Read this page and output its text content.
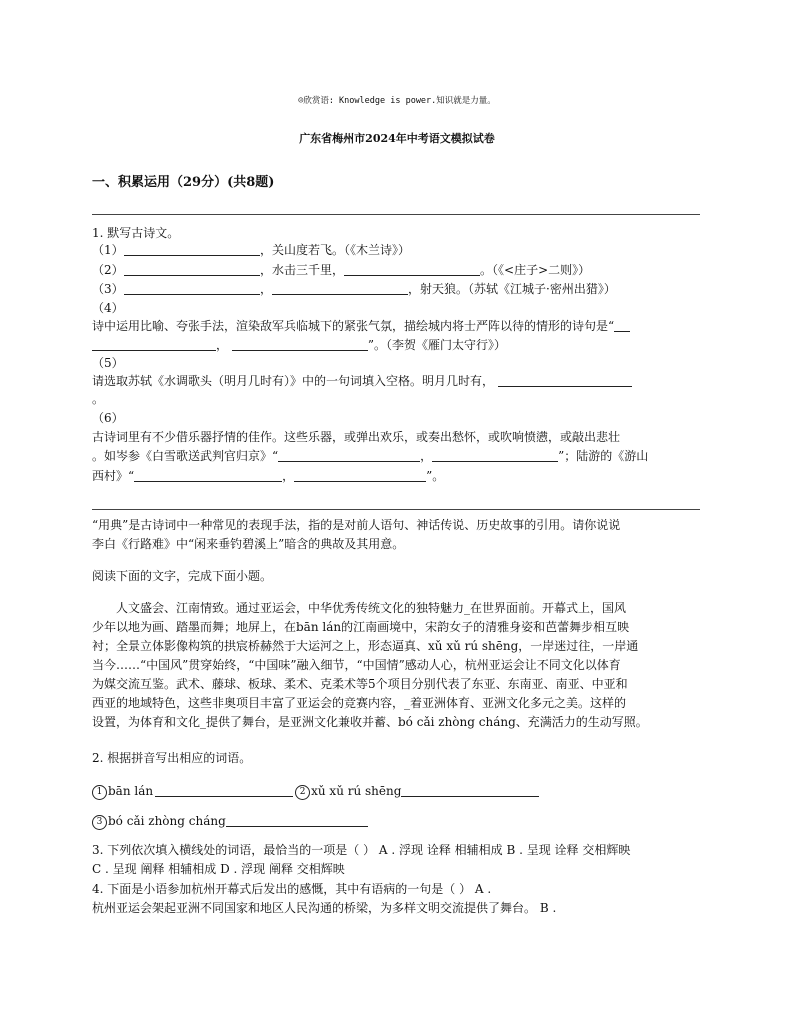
☺欣赏语: Knowledge is power.知识就是力量。
广东省梅州市2024年中考语文模拟试卷
一、积累运用（29分）(共8题)
1. 默写古诗文。
（1）	，关山度若飞。（《木兰诗》）
（2）	，水击三千里，	。（《<庄子>二则》）
（3）	，	，射天狼。（苏轼《江城子·密州出猎》）
（4）
诗中运用比喻、夸张手法，渲染敌军兵临城下的紧张气氛，描绘城内将士严阵以待的情形的诗句是“
，	”。（李贺《雁门太守行》）
（5）
请选取苏轼《水调歌头（明月几时有）》中的一句词填入空格。明月几时有，
。
（6）
古诗词里有不少借乐器抒情的佳作。这些乐器，或弹出欢乐，或奏出愁怀，或吹响愤懑，或敲出悲壮
。如岑参《白雪歌送武判官归京》“	，	”；陆游的《游山
西村》“	，	”。
“用典”是古诗词中一种常见的表现手法，指的是对前人语句、神话传说、历史故事的引用。请你说说
李白《行路难》中“闲来垂钓碧溪上”暗含的典故及其用意。
阅读下面的文字，完成下面小题。
人文盛会、江南情致。通过亚运会，中华优秀传统文化的独特魅力_在世界面前。开幕式上，国风
少年以地为画、踏墨而舞；地屏上，在bān lán的江南画境中，宋韵女子的清雅身姿和芭蕾舞步相互映
衬；全景立体影像构筑的拱宸桥赫然于大运河之上，形态逼真、xǔ xǔ rú shēng，一岸迷过往，一岸通
当今……“中国风”贯穿始终，“中国味”融入细节，“中国情”感动人心，杭州亚运会让不同文化以体育
为媒交流互鉴。武术、藤球、板球、柔术、克柔术等5个项目分别代表了东亚、东南亚、南亚、中亚和
西亚的地域特色，这些非奥项目丰富了亚运会的竞赛内容，_着亚洲体育、亚洲文化多元之美。这样的
设置，为体育和文化_提供了舞台，是亚洲文化兼收并蓄、bó cǎi zhòng cháng、充满活力的生动写照。
2. 根据拼音写出相应的词语。
1 bān lán	2 xǔ xǔ rú shēng
3 bó cǎi zhòng cháng
3. 下列依次填入横线处的词语，最恰当的一项是（ ） A . 浮现 诠释 相辅相成 B . 呈现 诠释 交相辉映
C . 呈现 阐释 相辅相成 D . 浮现 阐释 交相辉映
4. 下面是小语参加杭州开幕式后发出的感慨，其中有语病的一句是（ ） A .
杭州亚运会架起亚洲不同国家和地区人民沟通的桥梁，为多样文明交流提供了舞台。 B .
